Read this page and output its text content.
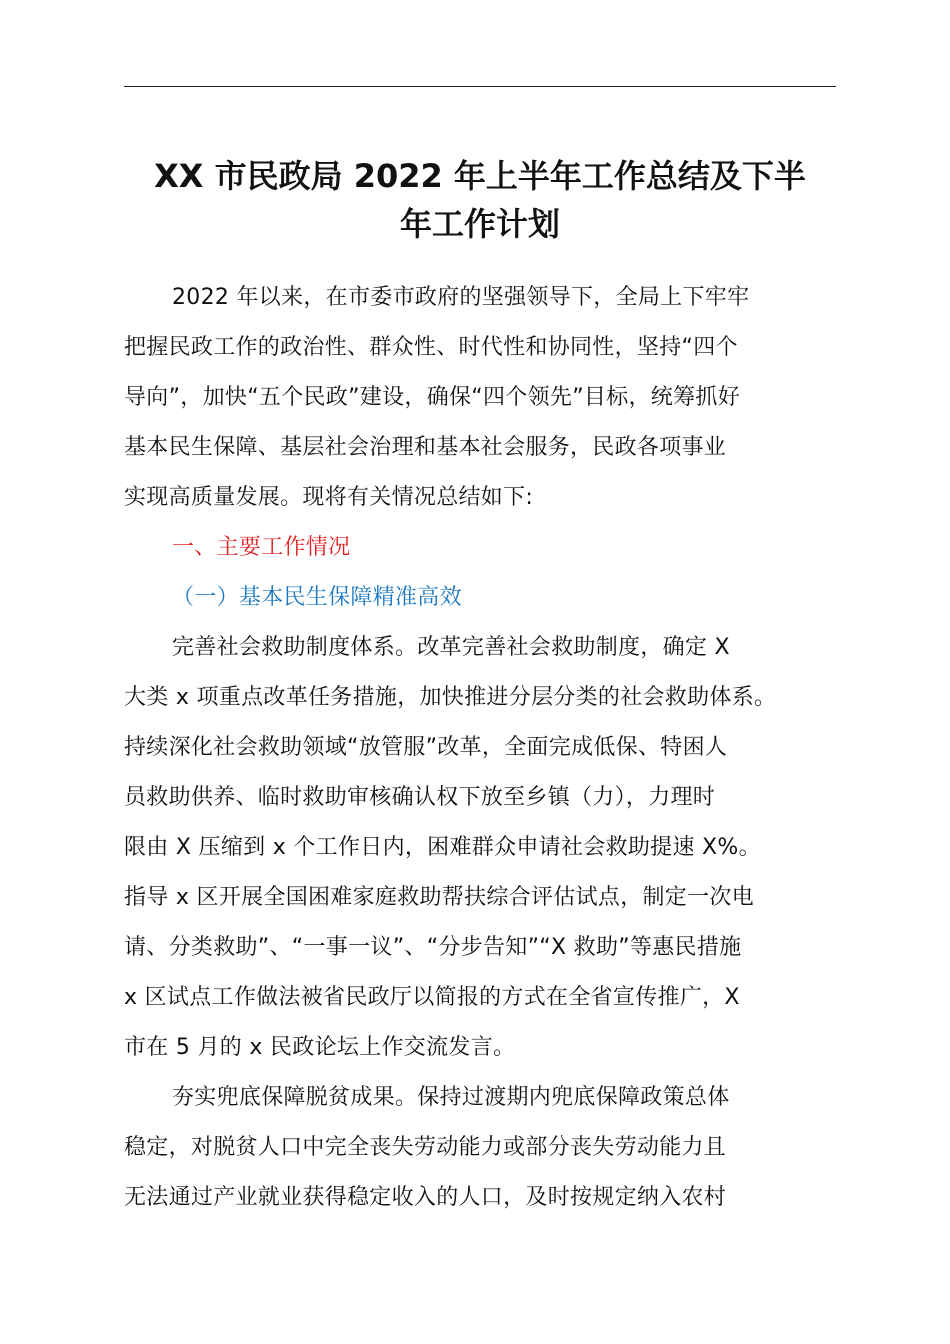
XX 市民政局 2022 年上半年工作总结及下半
年工作计划
2022 年以来，在市委市政府的坚强领导下，全局上下牢牢
把握民政工作的政治性、群众性、时代性和协同性，坚持“四个
导向”，加快“五个民政”建设，确保“四个领先”目标，统筹抓好
基本民生保障、基层社会治理和基本社会服务，民政各项事业
实现高质量发展。现将有关情况总结如下:
一、主要工作情况
（一）基本民生保障精准高效
完善社会救助制度体系。改革完善社会救助制度，确定 X
大类 x 项重点改革任务措施，加快推进分层分类的社会救助体系。
持续深化社会救助领域“放管服”改革，全面完成低保、特困人
员救助供养、临时救助审核确认权下放至乡镇（力），力理时
限由 X 压缩到 x 个工作日内，困难群众申请社会救助提速 X%。
指导 x 区开展全国困难家庭救助帮扶综合评估试点，制定一次电
请、分类救助”、“一事一议”、“分步告知”“X 救助”等惠民措施
x 区试点工作做法被省民政厅以简报的方式在全省宣传推广，X
市在 5 月的 x 民政论坛上作交流发言。
夯实兜底保障脱贫成果。保持过渡期内兜底保障政策总体
稳定，对脱贫人口中完全丧失劳动能力或部分丧失劳动能力且
无法通过产业就业获得稳定收入的人口，及时按规定纳入农村
